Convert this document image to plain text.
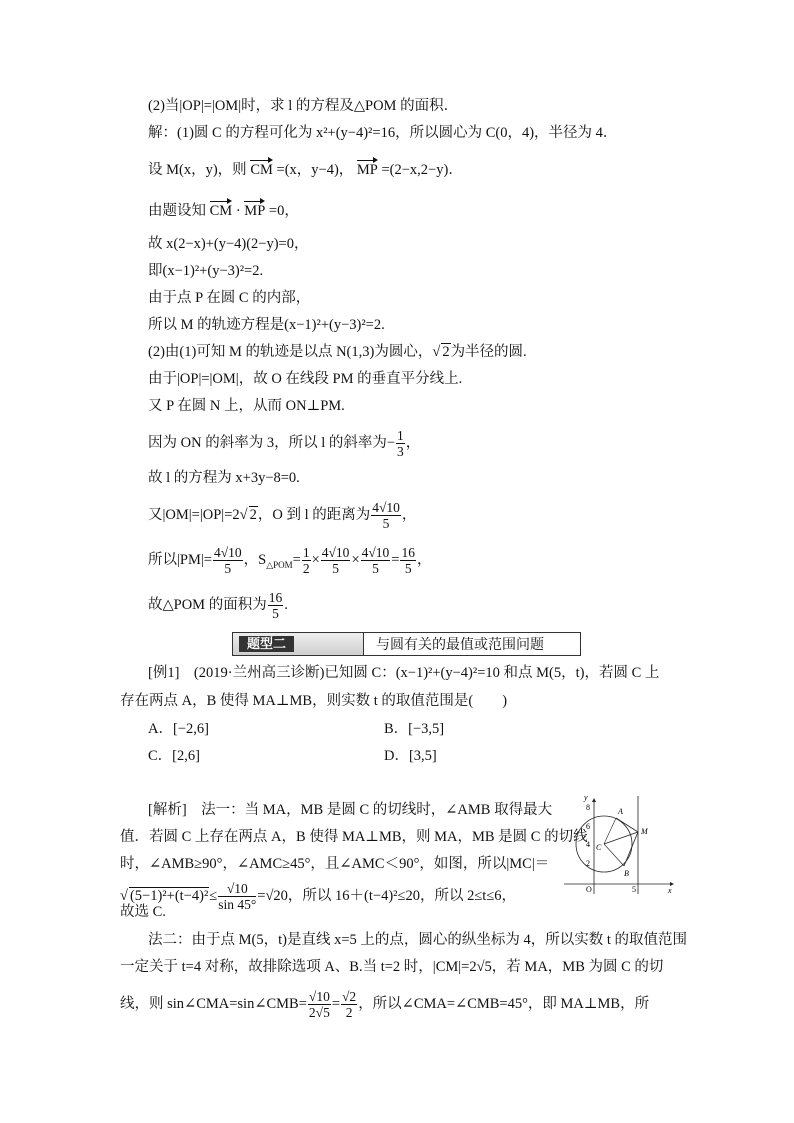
(2)当|OP|=|OM|时，求 l 的方程及△POM 的面积．
解：(1)圆 C 的方程可化为 x²+(y−4)²=16，所以圆心为 C(0，4)，半径为 4．
设 M(x，y)，则 CM =(x，y−4)， MP =(2−x,2−y)．
由题设知 CM · MP =0，
故 x(2−x)+(y−4)(2−y)=0，
即(x−1)²+(y−3)²=2.
由于点 P 在圆 C 的内部，
所以 M 的轨迹方程是(x−1)²+(y−3)²=2.
(2)由(1)可知 M 的轨迹是以点 N(1,3)为圆心，√ 2为半径的圆.
由于|OP|=|OM|，故 O 在线段 PM 的垂直平分线上.
又 P 在圆 N 上，从而 ON⊥PM.
因为 ON 的斜率为 3，所以 l 的斜率为− $\frac{1}{3}$ ，
故 l 的方程为 x+3y−8=0.
又|OM|=|OP|=2√ 2，O 到 l 的距离为 $\frac{4√10}{5}$ ，
所以$|PM|= \frac{4√10}{5}$ ，$S_{\triangle POM}= \frac{1}{2} \times \frac{4√10}{5} \times \frac{4√10}{5} = \frac{16}{5}$ ，
故△POM 的面积为 $\frac{16}{5}$ .
题型二	与圆有关的最值或范围问题
[例1]　(2019·兰州高三诊断)已知圆 C：(x−1)²+(y−4)²=10 和点 M(5，t)，若圆 C 上
存在两点 A，B 使得 MA⊥MB，则实数 t 的取值范围是(　　)
A．[−2,6]	B．[−3,5]
C．[2,6]	D．[3,5]
[解析]　法一：当 MA，MB 是圆 C 的切线时，∠AMB 取得最大
值．若圆 C 上存在两点 A，B 使得 MA⊥MB，则 MA，MB 是圆 C 的切线
时，∠AMB≥90°，∠AMC≥45°，且∠AMC＜90°，如图，所以|MC|＝
√ $(5-1)^2+(t-4)^2\le \frac{√10}{\sin 45^\circ} =√20$，所以 16＋(t−4)²≤20，所以 2≤t≤6，
故选 C.
法二：由于点 M(5，t)是直线 x=5 上的点，圆心的纵坐标为 4，所以实数 t 的取值范围
一定关于 t=4 对称，故排除选项 A、B.当 t=2 时，|CM|=2√5，若 MA，MB 为圆 C 的切
线，则 sin∠CMA=sin∠CMB= $\frac{√10}{2√5} = \frac{√2}{2}$ ，所以∠CMA=∠CMB=45°，即 MA⊥MB，所
y
x
O
8
6
4
2
5
A
B
C
M
